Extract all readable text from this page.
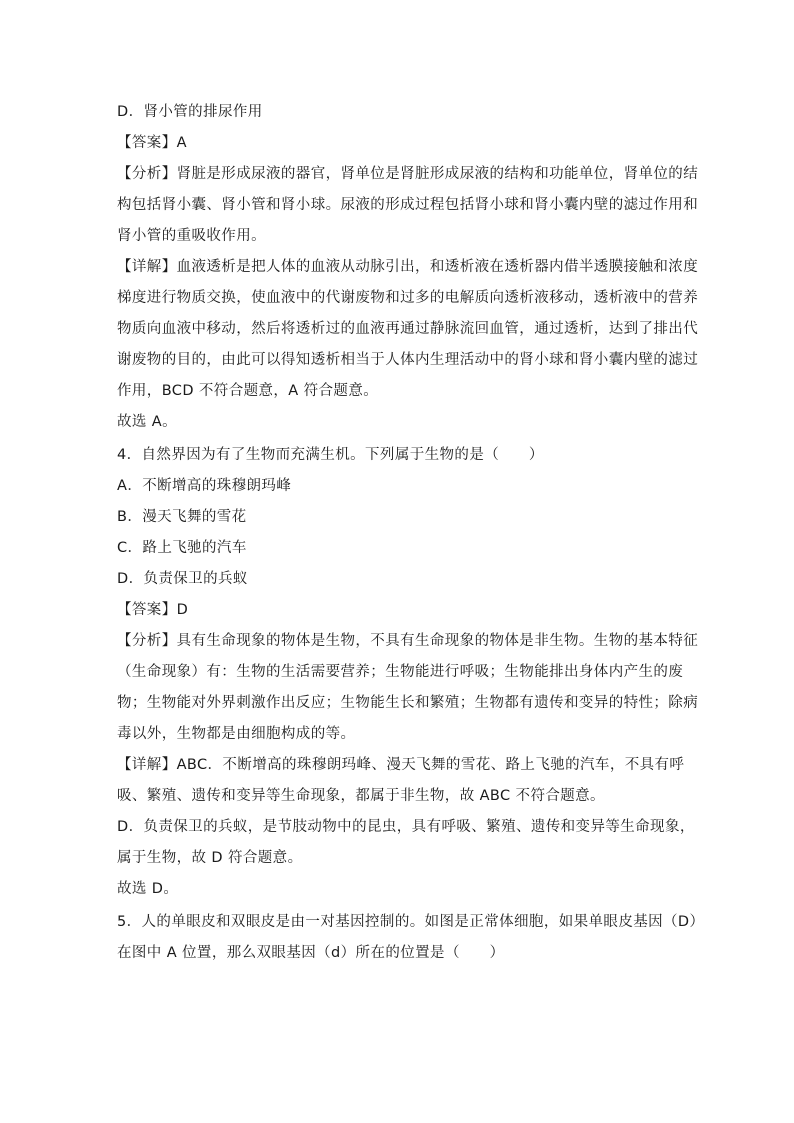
D．肾小管的排尿作用
【答案】A
【分析】肾脏是形成尿液的器官，肾单位是肾脏形成尿液的结构和功能单位，肾单位的结
构包括肾小囊、肾小管和肾小球。尿液的形成过程包括肾小球和肾小囊内壁的滤过作用和
肾小管的重吸收作用。
【详解】血液透析是把人体的血液从动脉引出，和透析液在透析器内借半透膜接触和浓度
梯度进行物质交换，使血液中的代谢废物和过多的电解质向透析液移动，透析液中的营养
物质向血液中移动，然后将透析过的血液再通过静脉流回血管，通过透析，达到了排出代
谢废物的目的，由此可以得知透析相当于人体内生理活动中的肾小球和肾小囊内壁的滤过
作用，BCD 不符合题意，A 符合题意。
故选 A。
4．自然界因为有了生物而充满生机。下列属于生物的是（　　）
A．不断增高的珠穆朗玛峰
B．漫天飞舞的雪花
C．路上飞驰的汽车
D．负责保卫的兵蚁
【答案】D
【分析】具有生命现象的物体是生物，不具有生命现象的物体是非生物。生物的基本特征
（生命现象）有：生物的生活需要营养；生物能进行呼吸；生物能排出身体内产生的废
物；生物能对外界刺激作出反应；生物能生长和繁殖；生物都有遗传和变异的特性；除病
毒以外，生物都是由细胞构成的等。
【详解】ABC．不断增高的珠穆朗玛峰、漫天飞舞的雪花、路上飞驰的汽车，不具有呼
吸、繁殖、遗传和变异等生命现象，都属于非生物，故 ABC 不符合题意。
D．负责保卫的兵蚁，是节肢动物中的昆虫，具有呼吸、繁殖、遗传和变异等生命现象，
属于生物，故 D 符合题意。
故选 D。
5．人的单眼皮和双眼皮是由一对基因控制的。如图是正常体细胞，如果单眼皮基因（D）
在图中 A 位置，那么双眼基因（d）所在的位置是（　　）
